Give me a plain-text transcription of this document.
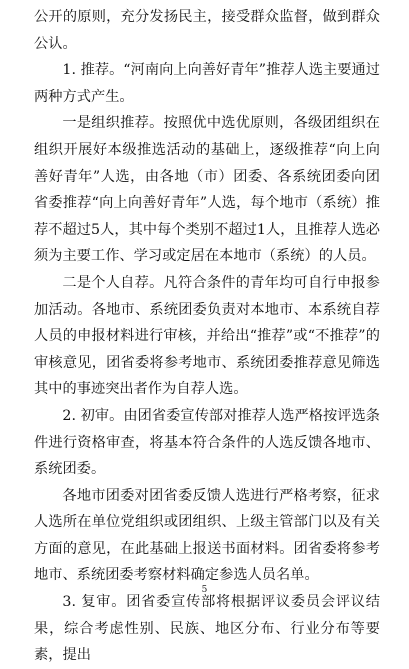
公开的原则，充分发扬民主，接受群众监督，做到群众公认。

1. 推荐。“河南向上向善好青年”推荐人选主要通过两种方式产生。

一是组织推荐。按照优中选优原则，各级团组织在组织开展好本级推选活动的基础上，逐级推荐“向上向善好青年”人选，由各地（市）团委、各系统团委向团省委推荐“向上向善好青年”人选，每个地市（系统）推荐不超过5人，其中每个类别不超过1人，且推荐人选必须为主要工作、学习或定居在本地市（系统）的人员。

二是个人自荐。凡符合条件的青年均可自行申报参加活动。各地市、系统团委负责对本地市、本系统自荐人员的申报材料进行审核，并给出“推荐”或“不推荐”的审核意见，团省委将参考地市、系统团委推荐意见筛选其中的事迹突出者作为自荐人选。

2. 初审。由团省委宣传部对推荐人选严格按评选条件进行资格审查，将基本符合条件的人选反馈各地市、系统团委。

各地市团委对团省委反馈人选进行严格考察，征求人选所在单位党组织或团组织、上级主管部门以及有关方面的意见，在此基础上报送书面材料。团省委将参考地市、系统团委考察材料确定参选人员名单。

3. 复审。团省委宣传部将根据评议委员会评议结果，综合考虑性别、民族、地区分布、行业分布等要素，提出

5
